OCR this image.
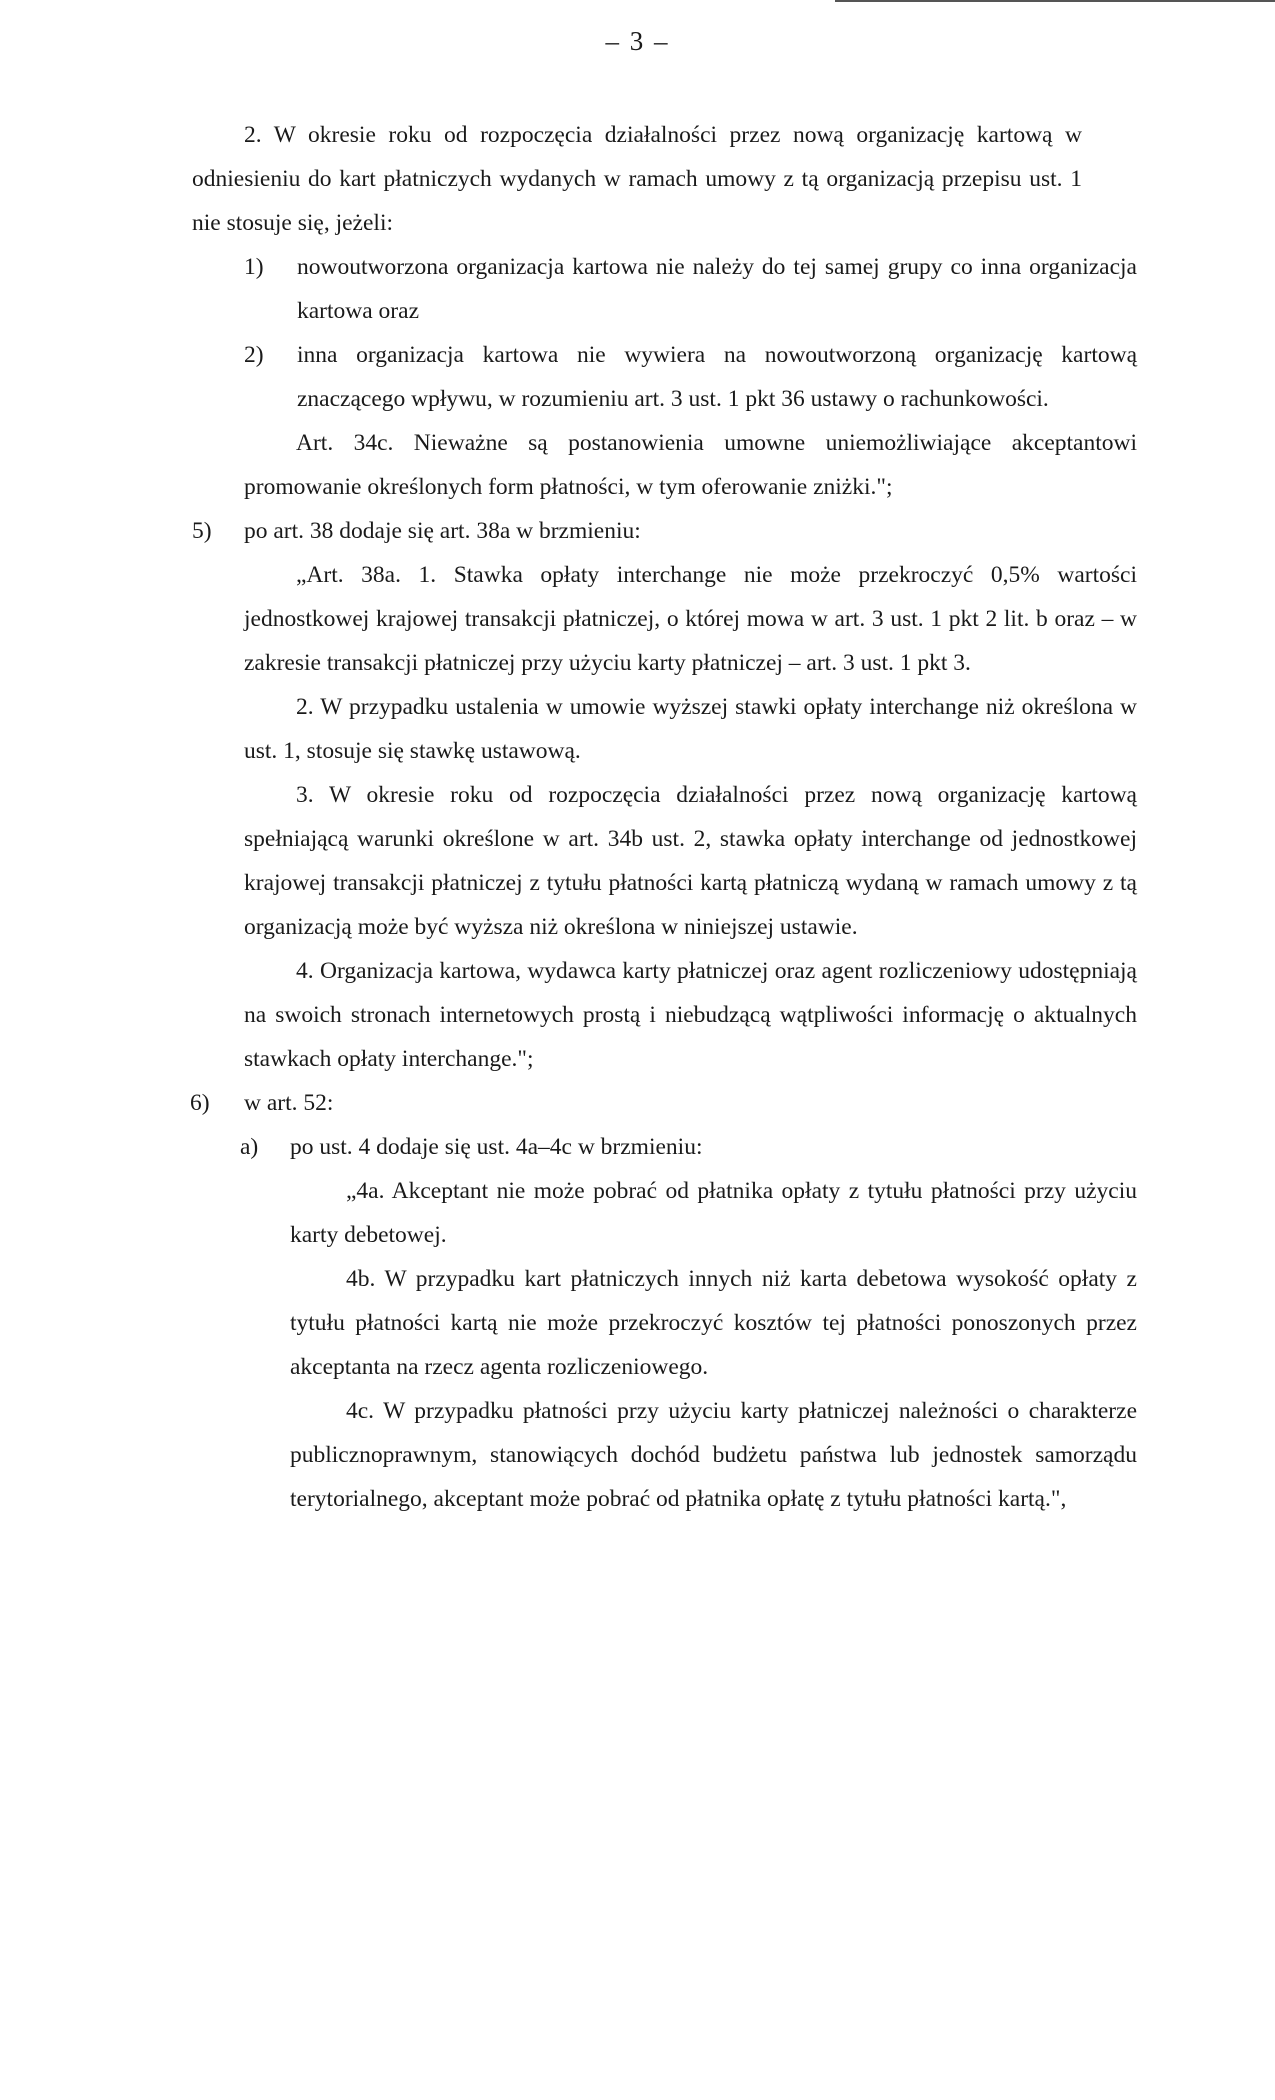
– 3 –
2. W okresie roku od rozpoczęcia działalności przez nową organizację kartową w odniesieniu do kart płatniczych wydanych w ramach umowy z tą organizacją przepisu ust. 1 nie stosuje się, jeżeli:
1) nowoutworzona organizacja kartowa nie należy do tej samej grupy co inna organizacja kartowa oraz
2) inna organizacja kartowa nie wywiera na nowoutworzoną organizację kartową znaczącego wpływu, w rozumieniu art. 3 ust. 1 pkt 36 ustawy o rachunkowości.
Art. 34c. Nieważne są postanowienia umowne uniemożliwiające akceptantowi promowanie określonych form płatności, w tym oferowanie zniżki.";
5) po art. 38 dodaje się art. 38a w brzmieniu:
„Art. 38a. 1. Stawka opłaty interchange nie może przekroczyć 0,5% wartości jednostkowej krajowej transakcji płatniczej, o której mowa w art. 3 ust. 1 pkt 2 lit. b oraz – w zakresie transakcji płatniczej przy użyciu karty płatniczej – art. 3 ust. 1 pkt 3.
2. W przypadku ustalenia w umowie wyższej stawki opłaty interchange niż określona w ust. 1, stosuje się stawkę ustawową.
3. W okresie roku od rozpoczęcia działalności przez nową organizację kartową spełniającą warunki określone w art. 34b ust. 2, stawka opłaty interchange od jednostkowej krajowej transakcji płatniczej z tytułu płatności kartą płatniczą wydaną w ramach umowy z tą organizacją może być wyższa niż określona w niniejszej ustawie.
4. Organizacja kartowa, wydawca karty płatniczej oraz agent rozliczeniowy udostępniają na swoich stronach internetowych prostą i niebudzącą wątpliwości informację o aktualnych stawkach opłaty interchange.";
6) w art. 52:
a) po ust. 4 dodaje się ust. 4a–4c w brzmieniu:
„4a. Akceptant nie może pobrać od płatnika opłaty z tytułu płatności przy użyciu karty debetowej.
4b. W przypadku kart płatniczych innych niż karta debetowa wysokość opłaty z tytułu płatności kartą nie może przekroczyć kosztów tej płatności ponoszonych przez akceptanta na rzecz agenta rozliczeniowego.
4c. W przypadku płatności przy użyciu karty płatniczej należności o charakterze publicznoprawnym, stanowiących dochód budżetu państwa lub jednostek samorządu terytorialnego, akceptant może pobrać od płatnika opłatę z tytułu płatności kartą.",
